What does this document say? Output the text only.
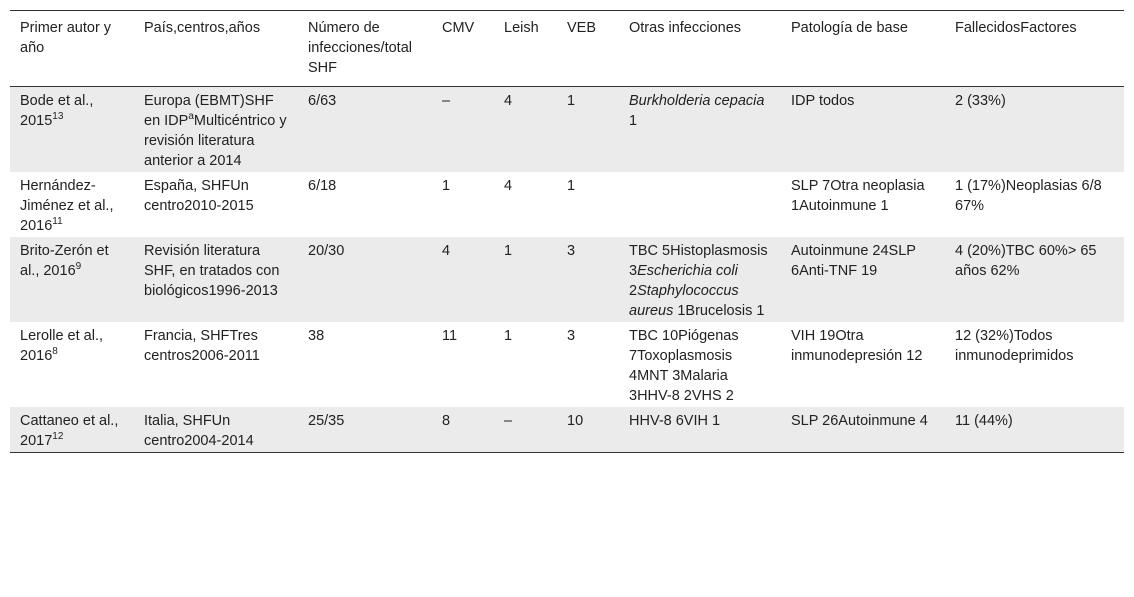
Primer autor y año	País,centros,años	Número de infecciones/total SHF	CMV	Leish	VEB	Otras infecciones	Patología de base	FallecidosFactores
Bode et al., 2015$^{13}$	Europa (EBMT)SHF en IDP$^a$Multicéntrico y revisión literatura anterior a 2014	6/63	–	4	1	Burkholderia cepacia 1	IDP todos	2 (33%)
Hernández-Jiménez et al., 2016$^{11}$	España, SHFUn centro2010-2015	6/18	1	4	1		SLP 7Otra neoplasia 1Autoinmune 1	1 (17%)Neoplasias 6/8 67%
Brito-Zerón et al., 2016$^9$	Revisión literatura SHF, en tratados con biológicos1996-2013	20/30	4	1	3	TBC 5Histoplasmosis 3Escherichia coli 2Staphylococcus aureus 1Brucelosis 1	Autoinmune 24SLP 6Anti-TNF 19	4 (20%)TBC 60%> 65 años 62%
Lerolle et al., 2016$^8$	Francia, SHFTres centros2006-2011	38	11	1	3	TBC 10Piógenas 7Toxoplasmosis 4MNT 3Malaria 3HHV-8 2VHS 2	VIH 19Otra inmunodepresión 12	12 (32%)Todos inmunodeprimidos
Cattaneo et al., 2017$^{12}$	Italia, SHFUn centro2004-2014	25/35	8	–	10	HHV-8 6VIH 1	SLP 26Autoinmune 4	11 (44%)
